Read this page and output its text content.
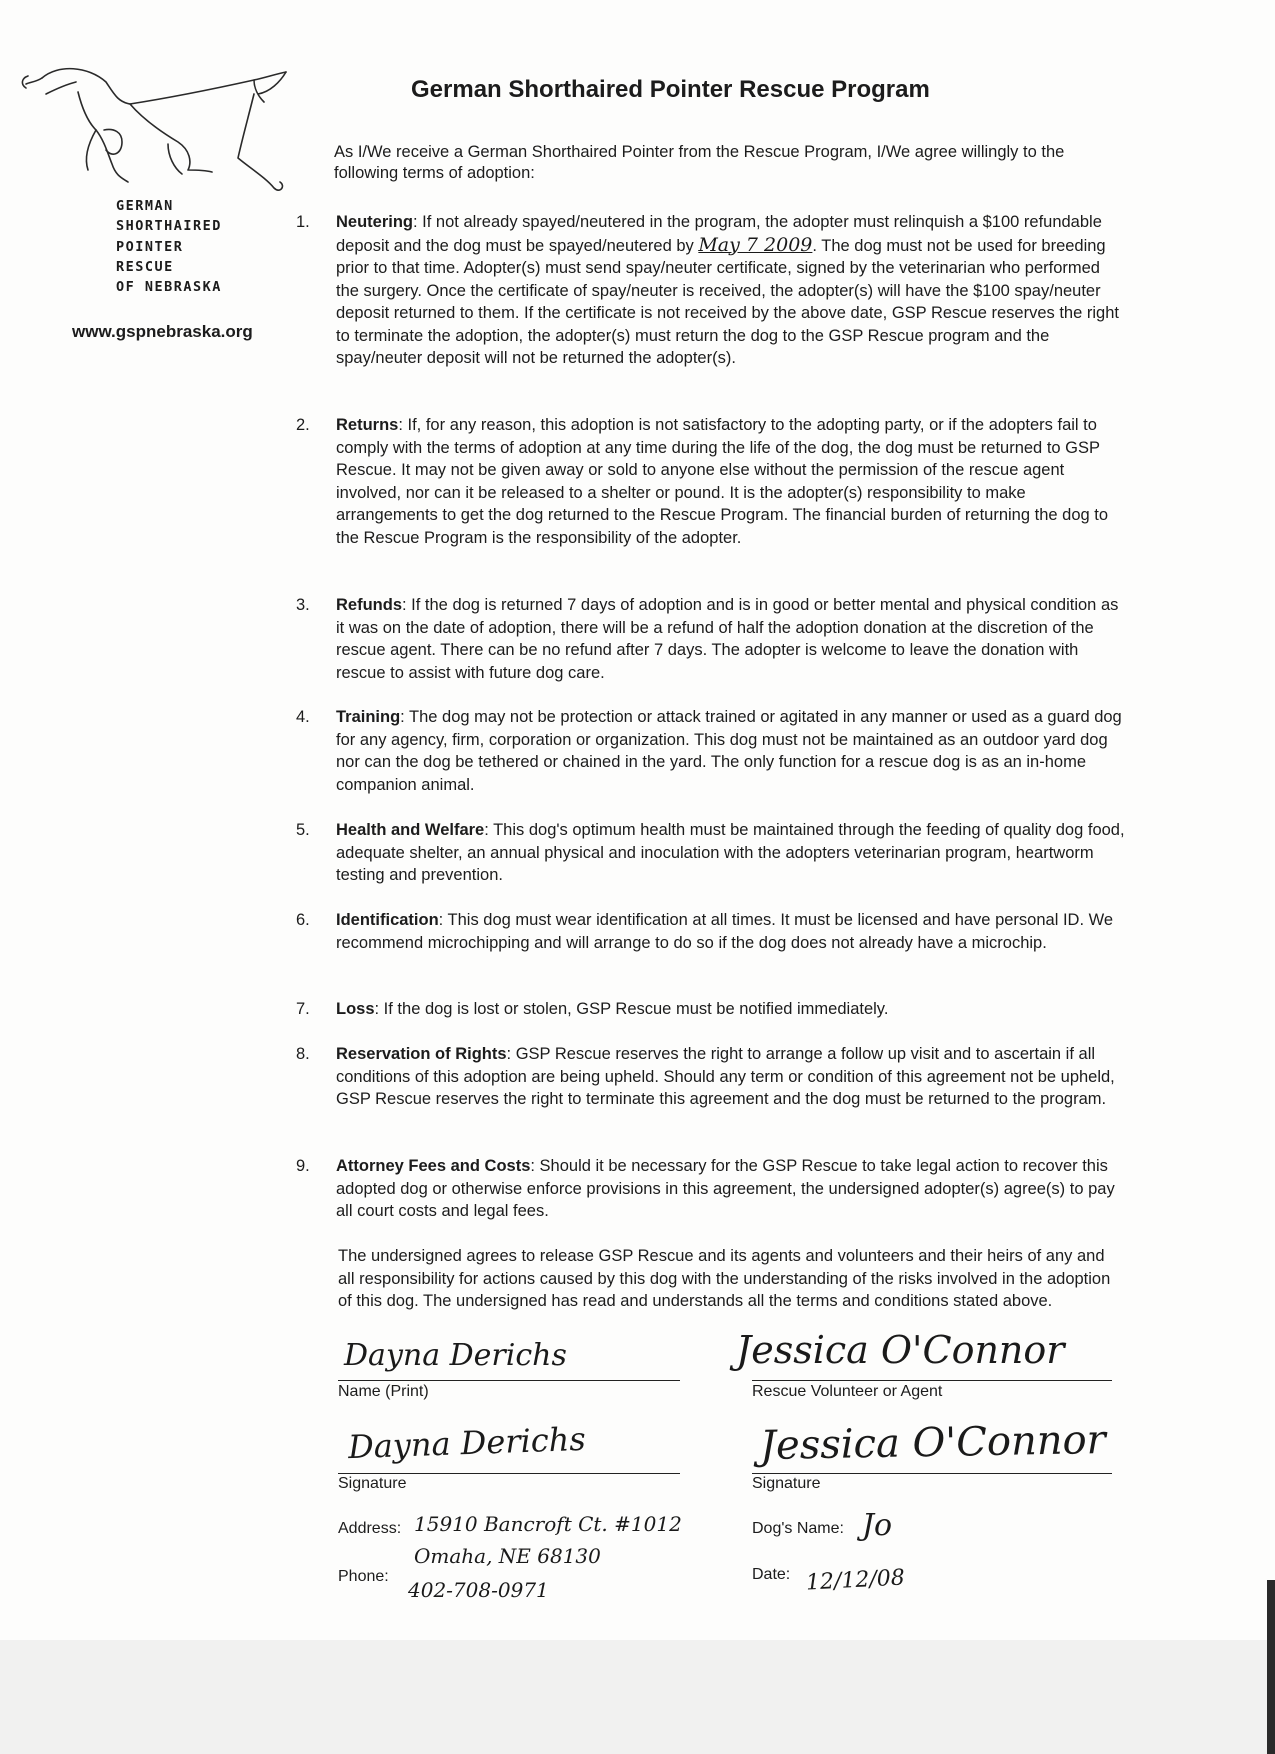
GERMAN
SHORTHAIRED
POINTER
RESCUE
OF NEBRASKA
www.gspnebraska.org
German Shorthaired Pointer Rescue Program
As I/We receive a German Shorthaired Pointer from the Rescue Program, I/We agree willingly to the following terms of adoption:
1. Neutering: If not already spayed/neutered in the program, the adopter must relinquish a $100 refundable deposit and the dog must be spayed/neutered by May 7 2009. The dog must not be used for breeding prior to that time. Adopter(s) must send spay/neuter certificate, signed by the veterinarian who performed the surgery. Once the certificate of spay/neuter is received, the adopter(s) will have the $100 spay/neuter deposit returned to them. If the certificate is not received by the above date, GSP Rescue reserves the right to terminate the adoption, the adopter(s) must return the dog to the GSP Rescue program and the spay/neuter deposit will not be returned the adopter(s).
2. Returns: If, for any reason, this adoption is not satisfactory to the adopting party, or if the adopters fail to comply with the terms of adoption at any time during the life of the dog, the dog must be returned to GSP Rescue. It may not be given away or sold to anyone else without the permission of the rescue agent involved, nor can it be released to a shelter or pound. It is the adopter(s) responsibility to make arrangements to get the dog returned to the Rescue Program. The financial burden of returning the dog to the Rescue Program is the responsibility of the adopter.
3. Refunds: If the dog is returned 7 days of adoption and is in good or better mental and physical condition as it was on the date of adoption, there will be a refund of half the adoption donation at the discretion of the rescue agent. There can be no refund after 7 days. The adopter is welcome to leave the donation with rescue to assist with future dog care.
4. Training: The dog may not be protection or attack trained or agitated in any manner or used as a guard dog for any agency, firm, corporation or organization. This dog must not be maintained as an outdoor yard dog nor can the dog be tethered or chained in the yard. The only function for a rescue dog is as an in-home companion animal.
5. Health and Welfare: This dog's optimum health must be maintained through the feeding of quality dog food, adequate shelter, an annual physical and inoculation with the adopters veterinarian program, heartworm testing and prevention.
6. Identification: This dog must wear identification at all times. It must be licensed and have personal ID. We recommend microchipping and will arrange to do so if the dog does not already have a microchip.
7. Loss: If the dog is lost or stolen, GSP Rescue must be notified immediately.
8. Reservation of Rights: GSP Rescue reserves the right to arrange a follow up visit and to ascertain if all conditions of this adoption are being upheld. Should any term or condition of this agreement not be upheld, GSP Rescue reserves the right to terminate this agreement and the dog must be returned to the program.
9. Attorney Fees and Costs: Should it be necessary for the GSP Rescue to take legal action to recover this adopted dog or otherwise enforce provisions in this agreement, the undersigned adopter(s) agree(s) to pay all court costs and legal fees.
The undersigned agrees to release GSP Rescue and its agents and volunteers and their heirs of any and all responsibility for actions caused by this dog with the understanding of the risks involved in the adoption of this dog. The undersigned has read and understands all the terms and conditions stated above.
Dayna Derichs
Name (Print)
Jessica O'Connor
Rescue Volunteer or Agent
Dayna Derichs
Signature
Jessica O'Connor
Signature
Address: 15910 Bancroft Ct. #1012
Omaha, NE 68130
Phone:
402-708-0971
Dog's Name: Jo
Date: 12/12/08
